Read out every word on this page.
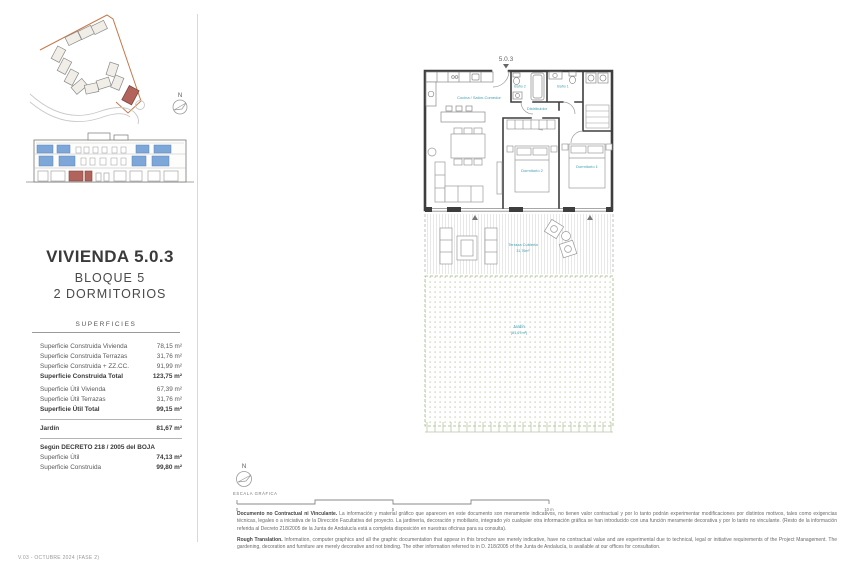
N
VIVIENDA 5.0.3
BLOQUE 5
2 DORMITORIOS
SUPERFICIES
Superficie Construida Vivienda	78,15 m²
Superficie Construida Terrazas	31,76 m²
Superficie Construida + ZZ.CC.	91,99 m²
Superficie Construida Total	123,75 m²
Superficie Útil Vivienda	67,39 m²
Superficie Útil Terrazas	31,76 m²
Superficie Útil Total	99,15 m²
Jardín	81,67 m²
Según DECRETO 218 / 2005 del BOJA
Superficie Útil	74,13 m²
Superficie Construida	99,80 m²
5.0.3
Cocina / Salón-Comedor
Distribuidor
Baño 2	Baño 1
Dormitorio 2
Dormitorio 1
Terraza Cubierta
31,76m²
Jardín
(81,67m²)
N
ESCALA GRÁFICA
0	5	10 m

Documento no Contractual ni Vinculante. La información y material gráfico que aparecen en este documento son meramente indicativos, no tienen valor contractual y por lo tanto podrán experimentar modificaciones por distintos motivos, tales como exigencias técnicas, legales o a iniciativa de la Dirección Facultativa del proyecto. La jardinería, decoración y mobiliario, integrado y/o cualquier otra información gráfica se han introducido con una función meramente decorativa y por lo tanto no vinculante. (Resto de la información referida al Decreto 218/2005 de la Junta de Andalucía está a completa disposición en nuestras oficinas para su consulta).

Rough Translation. Information, computer graphics and all the graphic documentation that appear in this brochure are merely indicative, have no contractual value and are experimental due to technical, legal or initiative requirements of the Project Management. The gardening, decoration and furniture are merely decorative and not binding. The other information referred to in D. 218/2005 of the Junta de Andalucía, is available at our offices for consultation.

V.03 - OCTUBRE 2024 (FASE 2)
